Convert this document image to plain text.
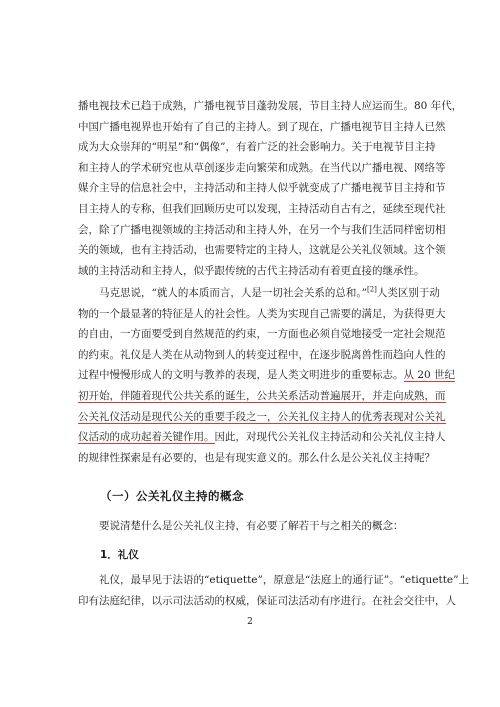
播电视技术已趋于成熟，广播电视节目蓬勃发展，节目主持人应运而生。80 年代，
中国广播电视界也开始有了自己的主持人。到了现在，广播电视节目主持人已然
成为大众崇拜的“明星”和“偶像”，有着广泛的社会影响力。关于电视节目主持
和主持人的学术研究也从草创逐步走向繁荣和成熟。在当代以广播电视、网络等
媒介主导的信息社会中，主持活动和主持人似乎就变成了广播电视节目主持和节
目主持人的专称，但我们回顾历史可以发现，主持活动自古有之，延续至现代社
会，除了广播电视领域的主持活动和主持人外，在另一个与我们生活同样密切相
关的领域，也有主持活动，也需要特定的主持人，这就是公关礼仪领域。这个领
域的主持活动和主持人，似乎跟传统的古代主持活动有着更直接的继承性。
马克思说，“就人的本质而言，人是一切社会关系的总和。”[2]人类区别于动
物的一个最显著的特征是人的社会性。人类为实现自己需要的满足，为获得更大
的自由，一方面要受到自然规范的约束，一方面也必须自觉地接受一定社会规范
的约束。礼仪是人类在从动物到人的转变过程中，在逐步脱离兽性而趋向人性的
过程中慢慢形成人的文明与教养的表现，是人类文明进步的重要标志。从 20 世纪
初开始，伴随着现代公共关系的诞生，公共关系活动普遍展开，并走向成熟，而
公关礼仪活动是现代公关的重要手段之一，公关礼仪主持人的优秀表现对公关礼
仪活动的成功起着关键作用。因此，对现代公关礼仪主持活动和公关礼仪主持人
的规律性探索是有必要的，也是有现实意义的。那么什么是公关礼仪主持呢？
（一）公关礼仪主持的概念
要说清楚什么是公关礼仪主持，有必要了解若干与之相关的概念：
1．礼仪
礼仪，最早见于法语的“etiquette”，原意是“法庭上的通行证”。“etiquette”上
印有法庭纪律，以示司法活动的权威，保证司法活动有序进行。在社会交往中，人
2
